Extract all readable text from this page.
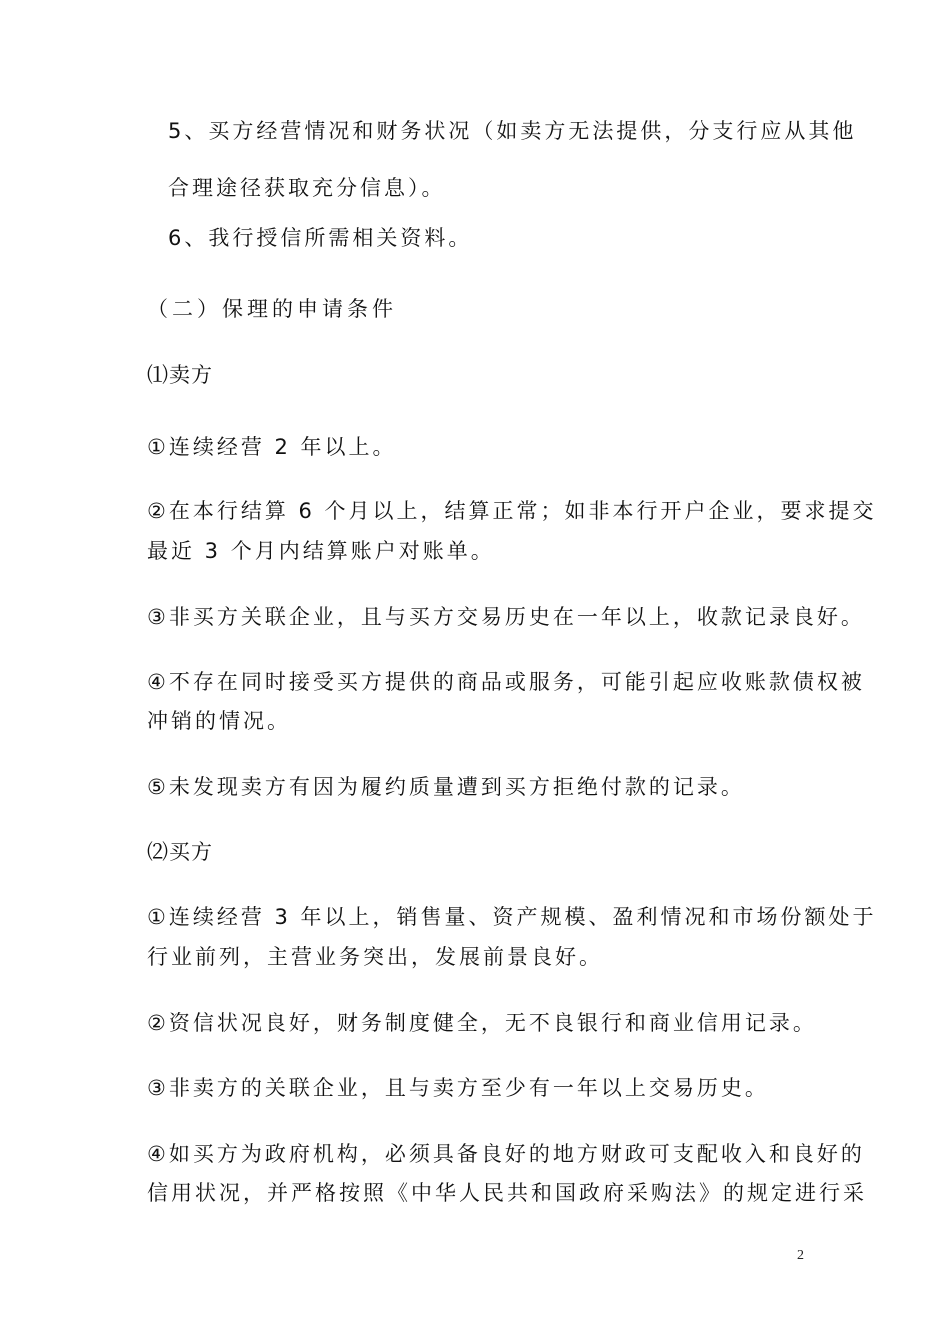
5、买方经营情况和财务状况（如卖方无法提供，分支行应从其他
合理途径获取充分信息）。
6、我行授信所需相关资料。
（二）保理的申请条件
⑴卖方
①连续经营 2 年以上。
②在本行结算 6 个月以上，结算正常；如非本行开户企业，要求提交
最近 3 个月内结算账户对账单。
③非买方关联企业，且与买方交易历史在一年以上，收款记录良好。
④不存在同时接受买方提供的商品或服务，可能引起应收账款债权被
冲销的情况。
⑤未发现卖方有因为履约质量遭到买方拒绝付款的记录。
⑵买方
①连续经营 3 年以上，销售量、资产规模、盈利情况和市场份额处于
行业前列，主营业务突出，发展前景良好。
②资信状况良好，财务制度健全，无不良银行和商业信用记录。
③非卖方的关联企业，且与卖方至少有一年以上交易历史。
④如买方为政府机构，必须具备良好的地方财政可支配收入和良好的
信用状况，并严格按照《中华人民共和国政府采购法》的规定进行采
2
